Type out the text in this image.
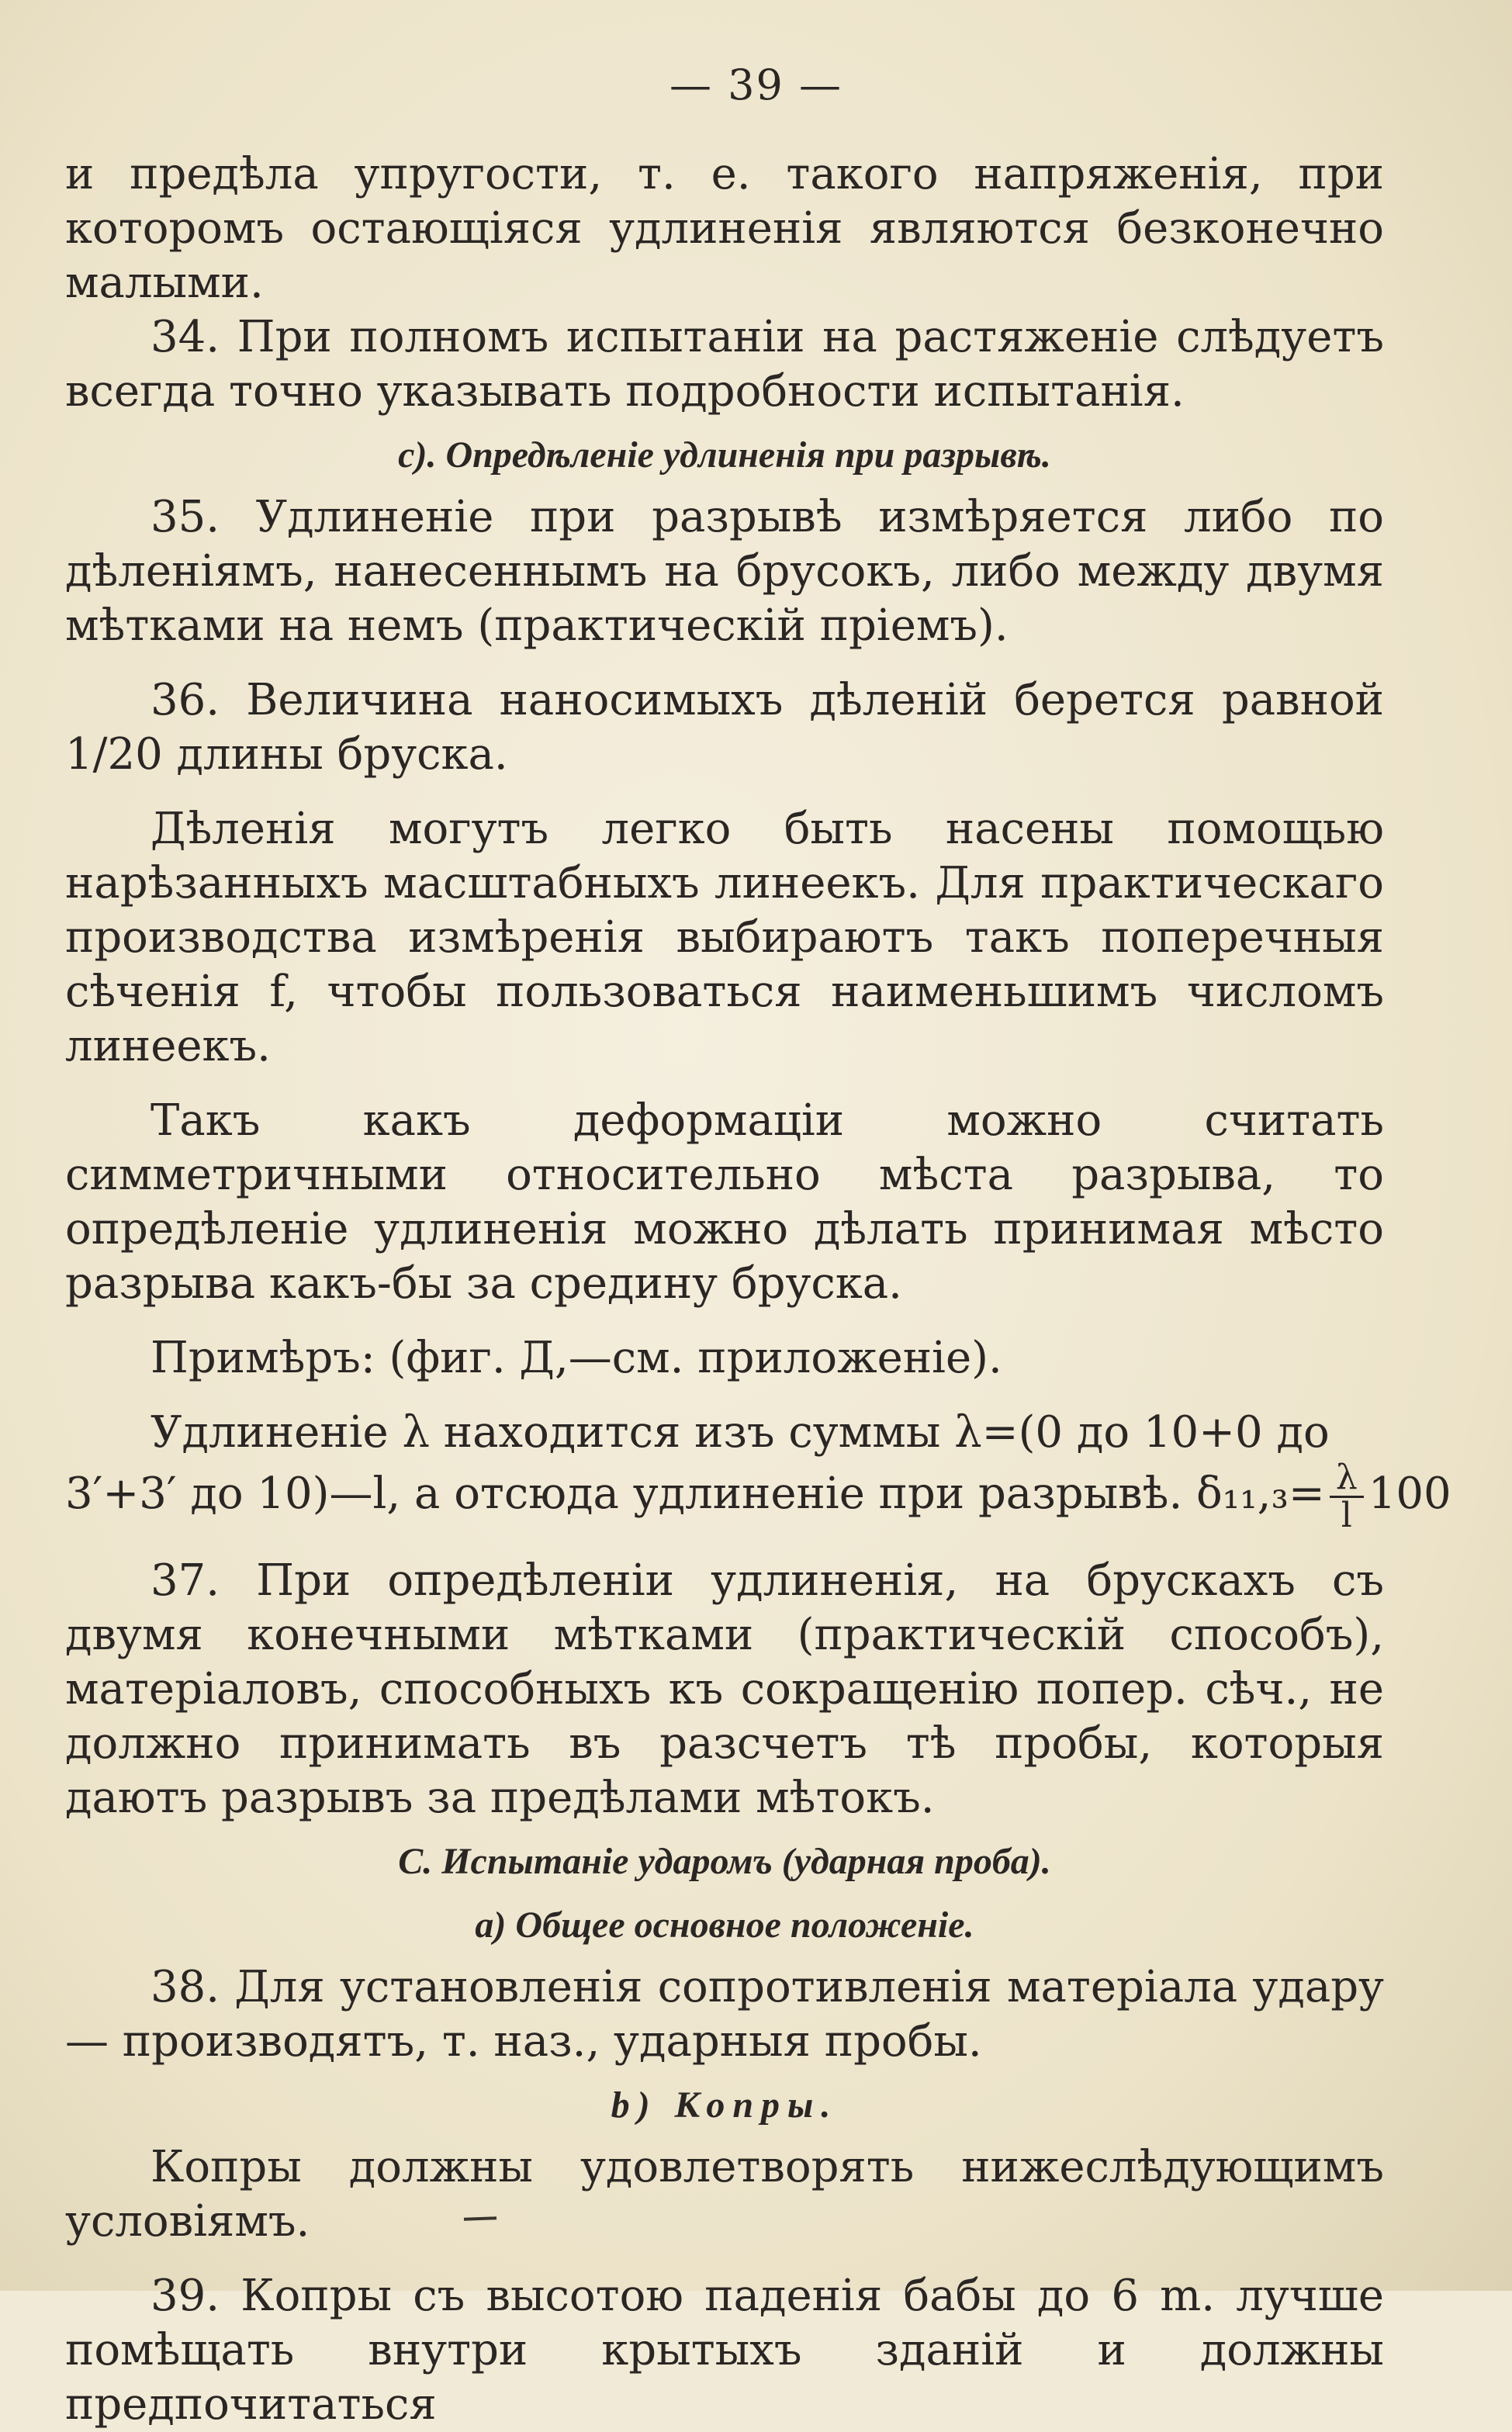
— 39 —

и предѣла упругости, т. е. такого напряженія, при которомъ остающіяся удлиненія являются безконечно малыми.

34. При полномъ испытаніи на растяженіе слѣдуетъ всегда точно указывать подробности испытанія.

с). Опредѣленіе удлиненія при разрывѣ.

35. Удлиненіе при разрывѣ измѣряется либо по дѣленіямъ, нанесеннымъ на брусокъ, либо между двумя мѣтками на немъ (практическій пріемъ).

36. Величина наносимыхъ дѣленій берется равной 1/20 длины бруска.

Дѣленія могутъ легко быть насены помощью нарѣзанныхъ масштабныхъ линеекъ. Для практическаго производства измѣренія выбираютъ такъ поперечныя сѣченія f, чтобы пользоваться наименьшимъ числомъ линеекъ.

Такъ какъ деформаціи можно считать симметричными относительно мѣста разрыва, то опредѣленіе удлиненія можно дѣлать принимая мѣсто разрыва какъ-бы за средину бруска.

Примѣръ: (фиг. Д,—см. приложеніе).

Удлиненіе λ находится изъ суммы λ=(0 до 10+0 до

3′+3′ до 10)—l, а отсюда удлиненіе при разрывѣ. $\delta_{11},_3= \frac{\lambda}{l} 100$

37. При опредѣленіи удлиненія, на брускахъ съ двумя конечными мѣтками (практическій способъ), матеріаловъ, способныхъ къ сокращенію попер. сѣч., не должно принимать въ разсчетъ тѣ пробы, которыя даютъ разрывъ за предѣлами мѣтокъ.

С. Испытаніе ударомъ (ударная проба).
а) Общее основное положеніе.

38. Для установленія сопротивленія матеріала удару— производятъ, т. наз., ударныя пробы.

b) Копры.

Копры должны удовлетворять нижеслѣдующимъ условіямъ.

39. Копры съ высотою паденія бабы до 6 m. лучше помѣщать внутри крытыхъ зданій и должны предпочитаться
